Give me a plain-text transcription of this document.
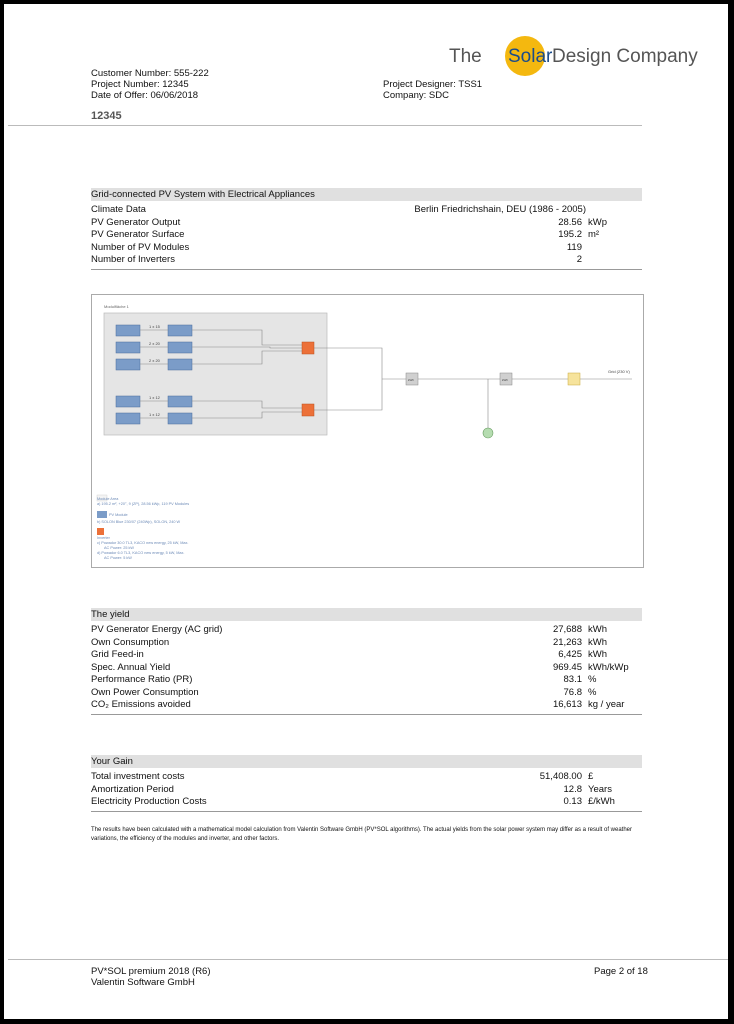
The Solar Design Company
Customer Number: 555-222
Project Number: 12345
Date of Offer: 06/06/2018
Project Designer: TSS1
Company: SDC
12345
Grid-connected PV System with Electrical Appliances
Climate Data	Berlin Friedrichshain, DEU (1986 - 2005)
PV Generator Output	28.56 kWp
PV Generator Surface	195.2 m²
Number of PV Modules	119
Number of Inverters	2
Modulfläche 1
1 x 15
2 x 20
2 x 20
1 x 12
1 x 12
kWh	kWh
Grid (230 V)
Module Area
a) 195.2 m², +20°, 9 (ZP), 28.56 kWp, 119 PV Modules
PV Module
b) SOLON Blue 230/07 (240Wp), SOLON, 240 W
Inverter
c) Powador 30.0 TL3, KACO new energy, 25 kW, Max.
AC Power: 25 kW
d) Powador 6.0 TL3, KACO new energy, 5 kW, Max.
AC Power: 5 kW
The yield
PV Generator Energy (AC grid)	27,688 kWh
Own Consumption	21,263 kWh
Grid Feed-in	6,425 kWh
Spec. Annual Yield	969.45 kWh/kWp
Performance Ratio (PR)	83.1 %
Own Power Consumption	76.8 %
CO₂ Emissions avoided	16,613 kg / year
Your Gain
Total investment costs	51,408.00 £
Amortization Period	12.8 Years
Electricity Production Costs	0.13 £/kWh
The results have been calculated with a mathematical model calculation from Valentin Software GmbH (PV*SOL algorithms). The actual yields from the solar power system may differ as a result of weather variations, the efficiency of the modules and inverter, and other factors.
PV*SOL premium 2018 (R6)
Valentin Software GmbH
Page 2 of 18
